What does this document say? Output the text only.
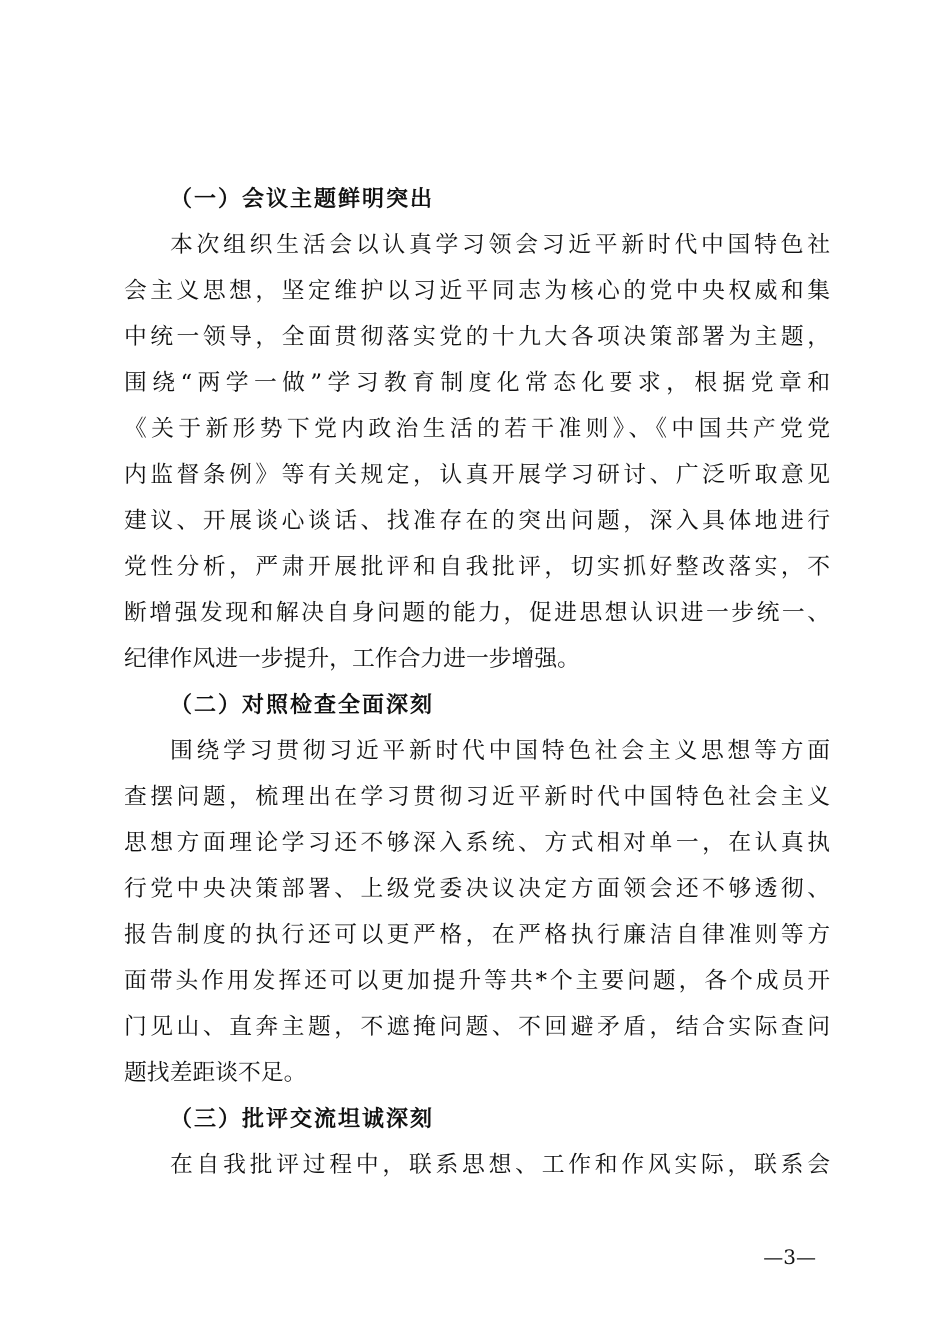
（一）会议主题鲜明突出

本次组织生活会以认真学习领会习近平新时代中国特色社
会主义思想，坚定维护以习近平同志为核心的党中央权威和集
中统一领导，全面贯彻落实党的十九大各项决策部署为主题，
围绕“两学一做”学习教育制度化常态化要求，根据党章和
《关于新形势下党内政治生活的若干准则》、《中国共产党党
内监督条例》等有关规定，认真开展学习研讨、广泛听取意见
建议、开展谈心谈话、找准存在的突出问题，深入具体地进行
党性分析，严肃开展批评和自我批评，切实抓好整改落实，不
断增强发现和解决自身问题的能力，促进思想认识进一步统一、
纪律作风进一步提升，工作合力进一步增强。

（二）对照检查全面深刻

围绕学习贯彻习近平新时代中国特色社会主义思想等方面
查摆问题，梳理出在学习贯彻习近平新时代中国特色社会主义
思想方面理论学习还不够深入系统、方式相对单一，在认真执
行党中央决策部署、上级党委决议决定方面领会还不够透彻、
报告制度的执行还可以更严格，在严格执行廉洁自律准则等方
面带头作用发挥还可以更加提升等共*个主要问题，各个成员开
门见山、直奔主题，不遮掩问题、不回避矛盾，结合实际查问
题找差距谈不足。

（三）批评交流坦诚深刻

在自我批评过程中，联系思想、工作和作风实际，联系会

—3—
